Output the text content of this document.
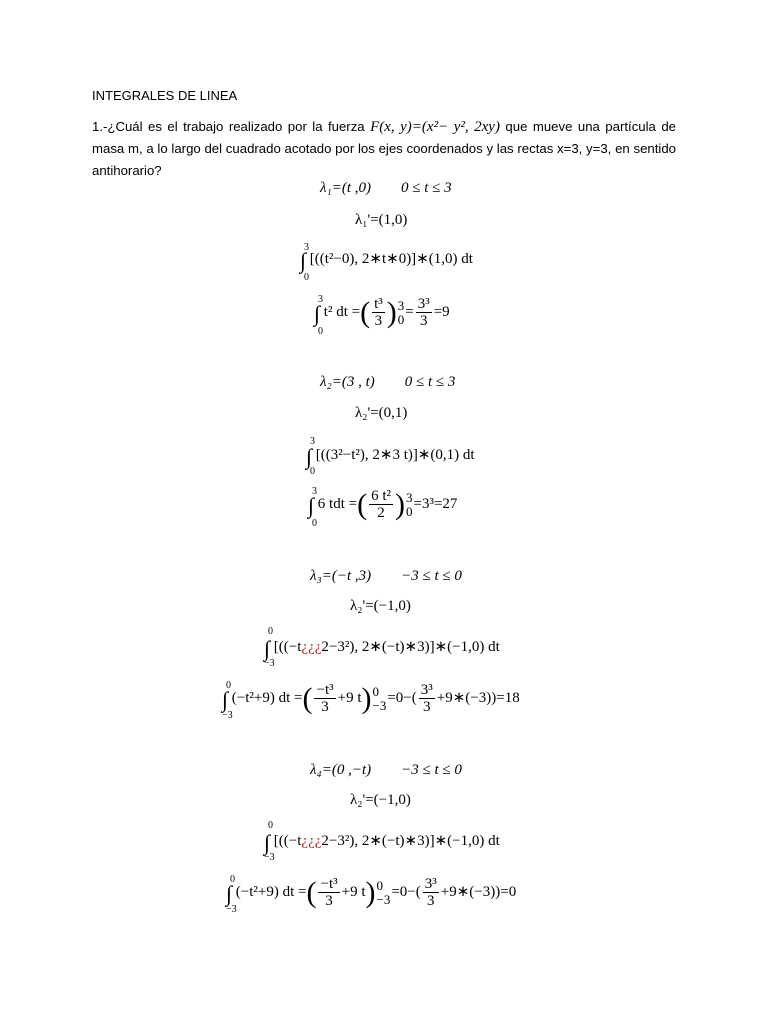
INTEGRALES DE LINEA
1.-¿Cuál es el trabajo realizado por la fuerza F(x, y)=(x²− y², 2xy) que mueve una partícula de masa m, a lo largo del cuadrado acotado por los ejes coordenados y las rectas x=3, y=3, en sentido antihorario?
λ₁=(t ,0) 0 ≤ t ≤ 3
λ₁'=(1,0)
∫
3
0
[((t²−0), 2∗t∗0)]∗(1,0) dt
∫
3
0
t² dt =( $\frac{\text{t³}}{3}$ ) 3
$0 = \frac{\text{3³}}{3} =9$
λ₂=(3 , t) 0 ≤ t ≤ 3
λ₂'=(0,1)
∫
3
0
[((3²−t²), 2∗3 t)]∗(0,1) dt
∫
3
0
6 tdt =( $\frac{\text{6 t²}}{2}$ ) 3
0 =3³=27
λ₃=(−t ,3) −3 ≤ t ≤ 0
λ₂'=(−1,0)
∫
0
−3
[((−t¿¿¿2−3²), 2∗(−t)∗3)]∗(−1,0) dt
∫
0
−3
(−t²+9) dt =( $\frac{\text{−t³}}{3} +9$ t) 0
$-3 =0-( \frac{\text{3³}}{3}$ +9∗(−3))=18
λ₄=(0 ,−t) −3 ≤ t ≤ 0
λ₂'=(−1,0)
∫
0
−3
[((−t¿¿¿2−3²), 2∗(−t)∗3)]∗(−1,0) dt
∫
0
−3
(−t²+9) dt =( $\frac{\text{−t³}}{3} +9$ t) 0
$-3 =0-( \frac{\text{3³}}{3}$ +9∗(−3))=0
